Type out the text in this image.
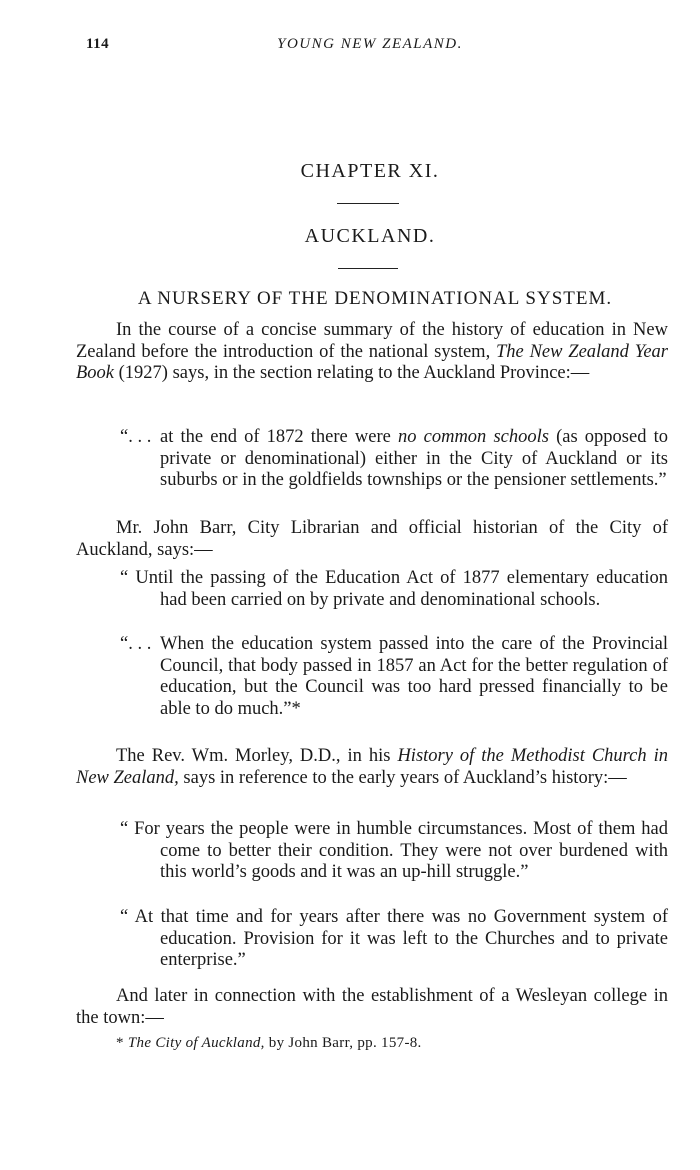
114	YOUNG NEW ZEALAND.
CHAPTER XI.
AUCKLAND.
A NURSERY OF THE DENOMINATIONAL SYSTEM.

In the course of a concise summary of the history of education in New Zealand before the introduction of the national system, The New Zealand Year Book (1927) says, in the section relating to the Auckland Province:—

“. . . at the end of 1872 there were no common schools (as opposed to private or denominational) either in the City of Auckland or its suburbs or in the goldfields townships or the pensioner settlements.”

Mr. John Barr, City Librarian and official historian of the City of Auckland, says:—

“ Until the passing of the Education Act of 1877 elementary education had been carried on by private and denominational schools.

“. . . When the education system passed into the care of the Provincial Council, that body passed in 1857 an Act for the better regulation of education, but the Council was too hard pressed financially to be able to do much.”*

The Rev. Wm. Morley, D.D., in his History of the Methodist Church in New Zealand, says in reference to the early years of Auckland’s history:—

“ For years the people were in humble circumstances. Most of them had come to better their condition. They were not over burdened with this world’s goods and it was an up-hill struggle.”

“ At that time and for years after there was no Government system of education. Provision for it was left to the Churches and to private enterprise.”

And later in connection with the establishment of a Wesleyan college in the town:—

* The City of Auckland, by John Barr, pp. 157-8.
